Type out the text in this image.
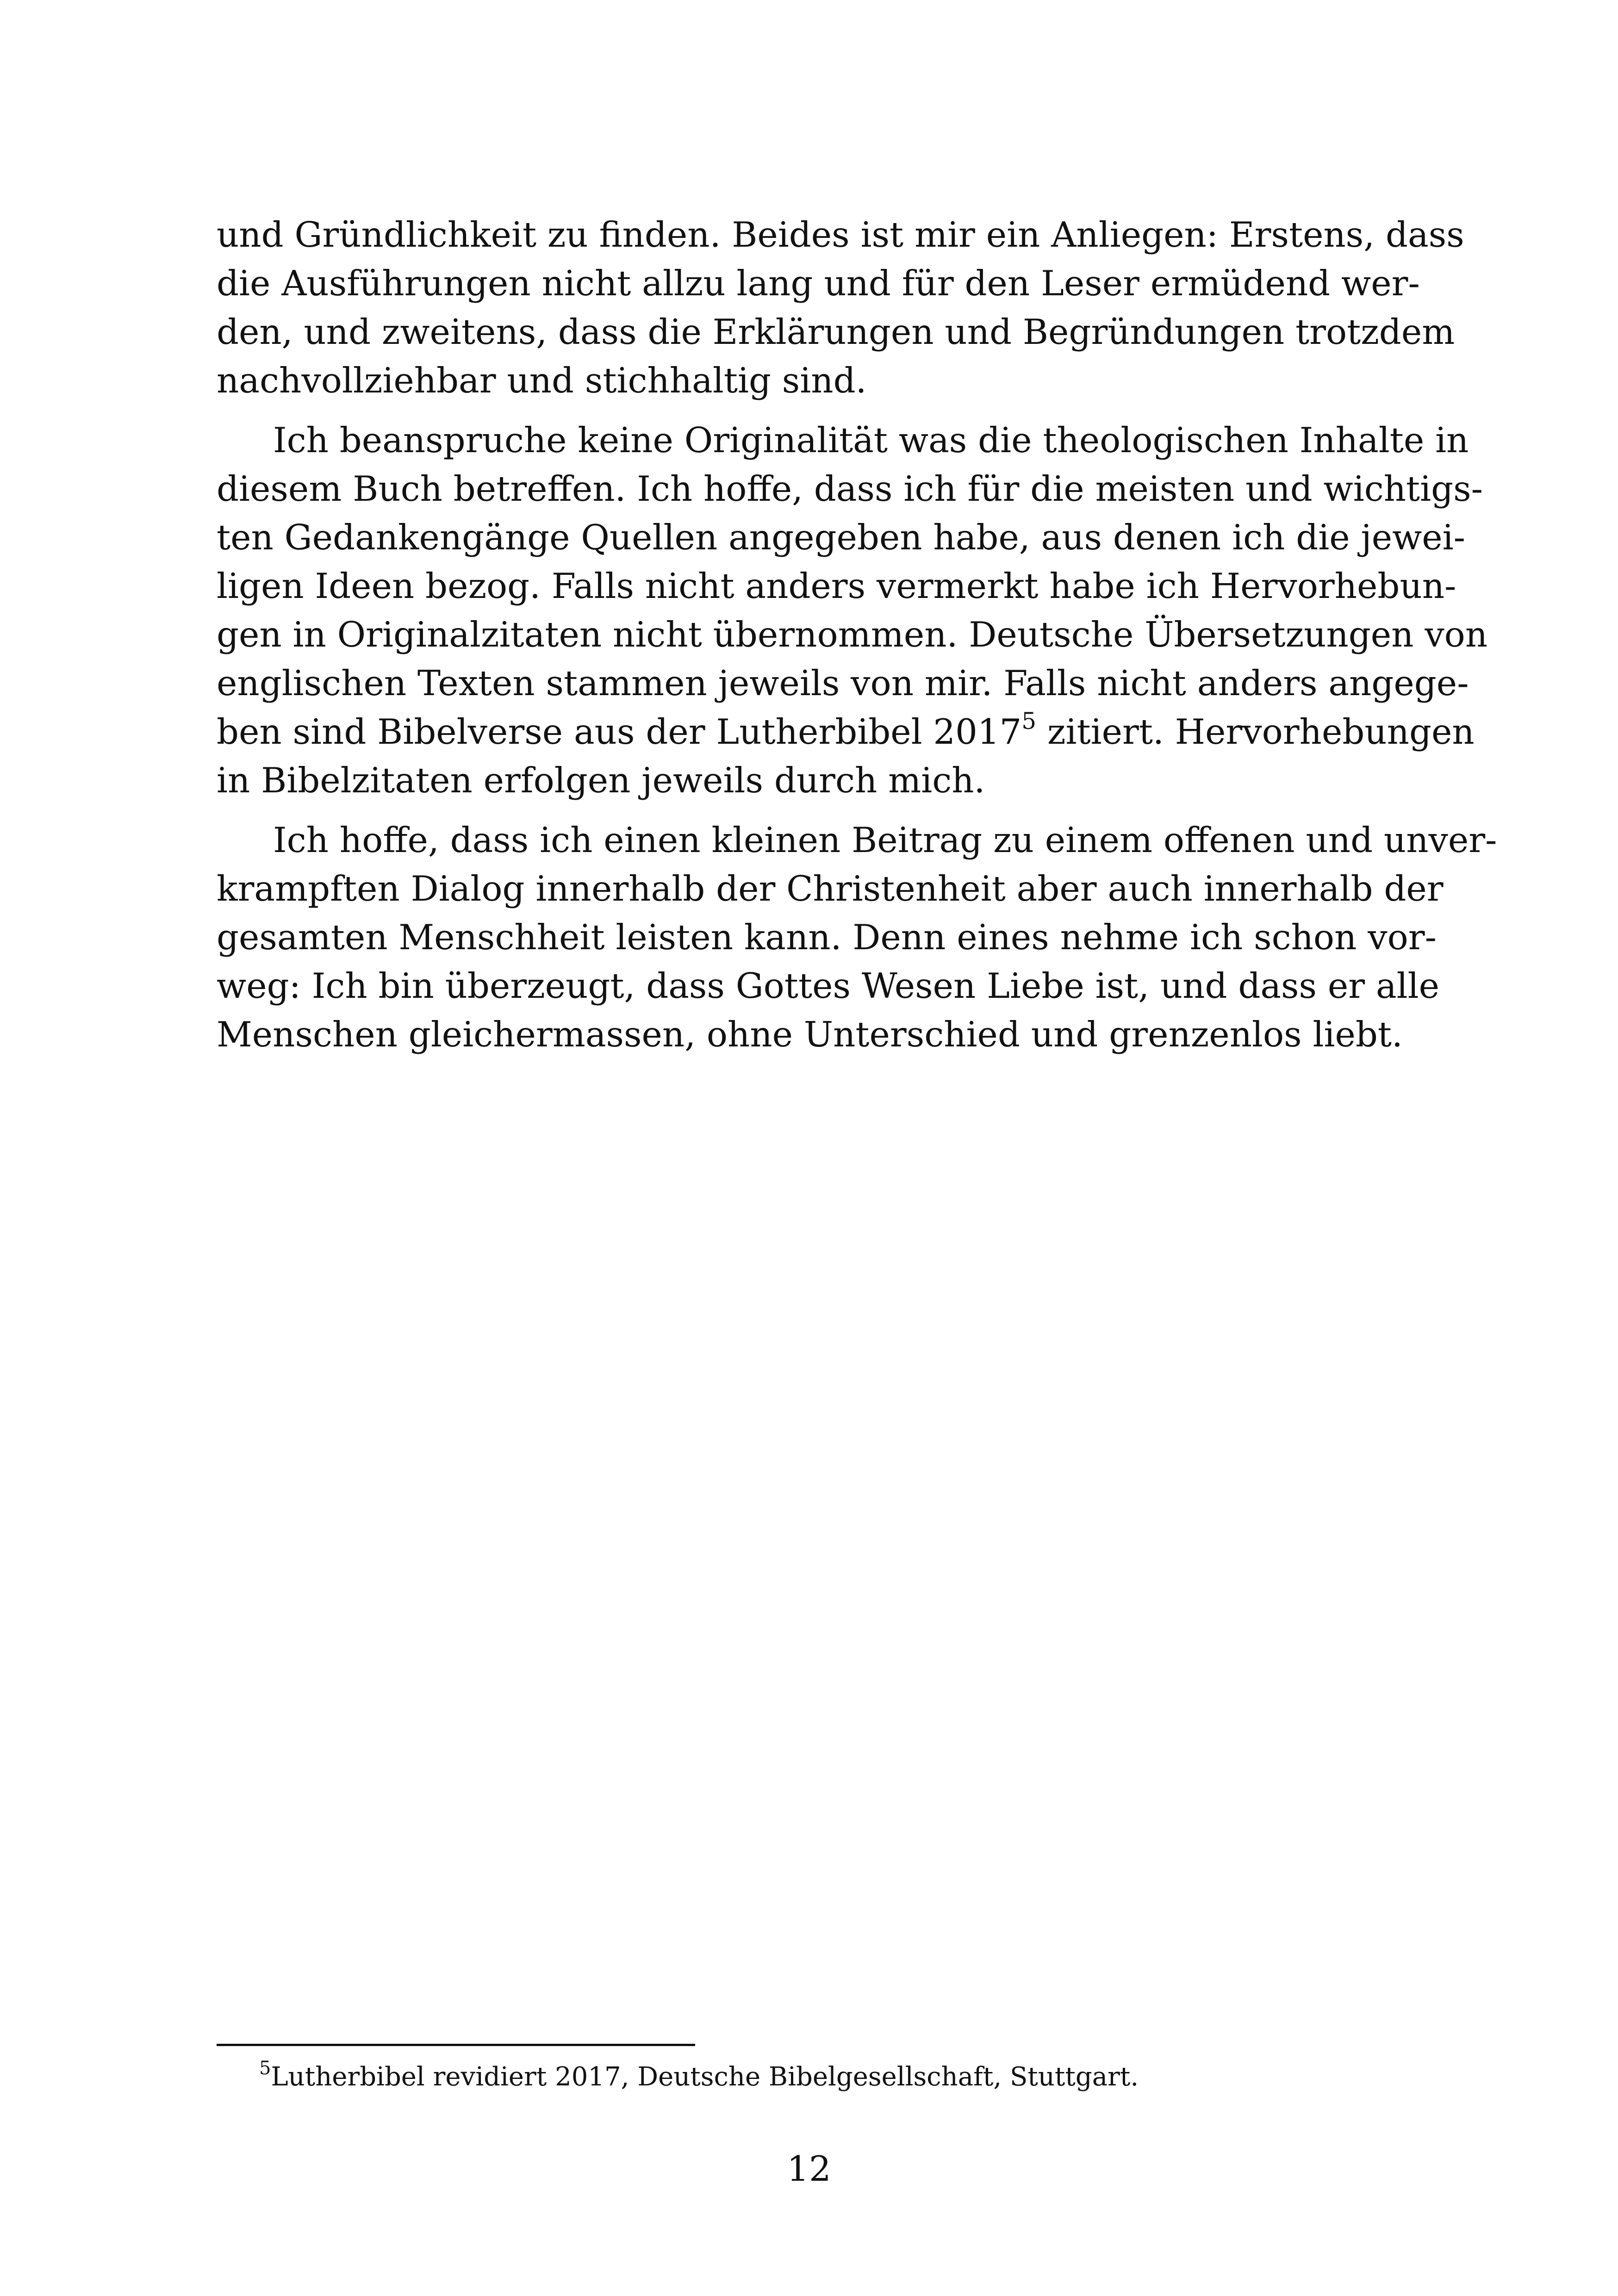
und Gründlichkeit zu finden. Beides ist mir ein Anliegen: Erstens, dass
die Ausführungen nicht allzu lang und für den Leser ermüdend wer-
den, und zweitens, dass die Erklärungen und Begründungen trotzdem
nachvollziehbar und stichhaltig sind.
Ich beanspruche keine Originalität was die theologischen Inhalte in
diesem Buch betreffen. Ich hoffe, dass ich für die meisten und wichtigs-
ten Gedankengänge Quellen angegeben habe, aus denen ich die jewei-
ligen Ideen bezog. Falls nicht anders vermerkt habe ich Hervorhebun-
gen in Originalzitaten nicht übernommen. Deutsche Übersetzungen von
englischen Texten stammen jeweils von mir. Falls nicht anders angege-
ben sind Bibelverse aus der Lutherbibel 2017$^5$ zitiert. Hervorhebungen
in Bibelzitaten erfolgen jeweils durch mich.
Ich hoffe, dass ich einen kleinen Beitrag zu einem offenen und unver-
krampften Dialog innerhalb der Christenheit aber auch innerhalb der
gesamten Menschheit leisten kann. Denn eines nehme ich schon vor-
weg: Ich bin überzeugt, dass Gottes Wesen Liebe ist, und dass er alle
Menschen gleichermassen, ohne Unterschied und grenzenlos liebt.
$^5$Lutherbibel revidiert 2017, Deutsche Bibelgesellschaft, Stuttgart.
12
